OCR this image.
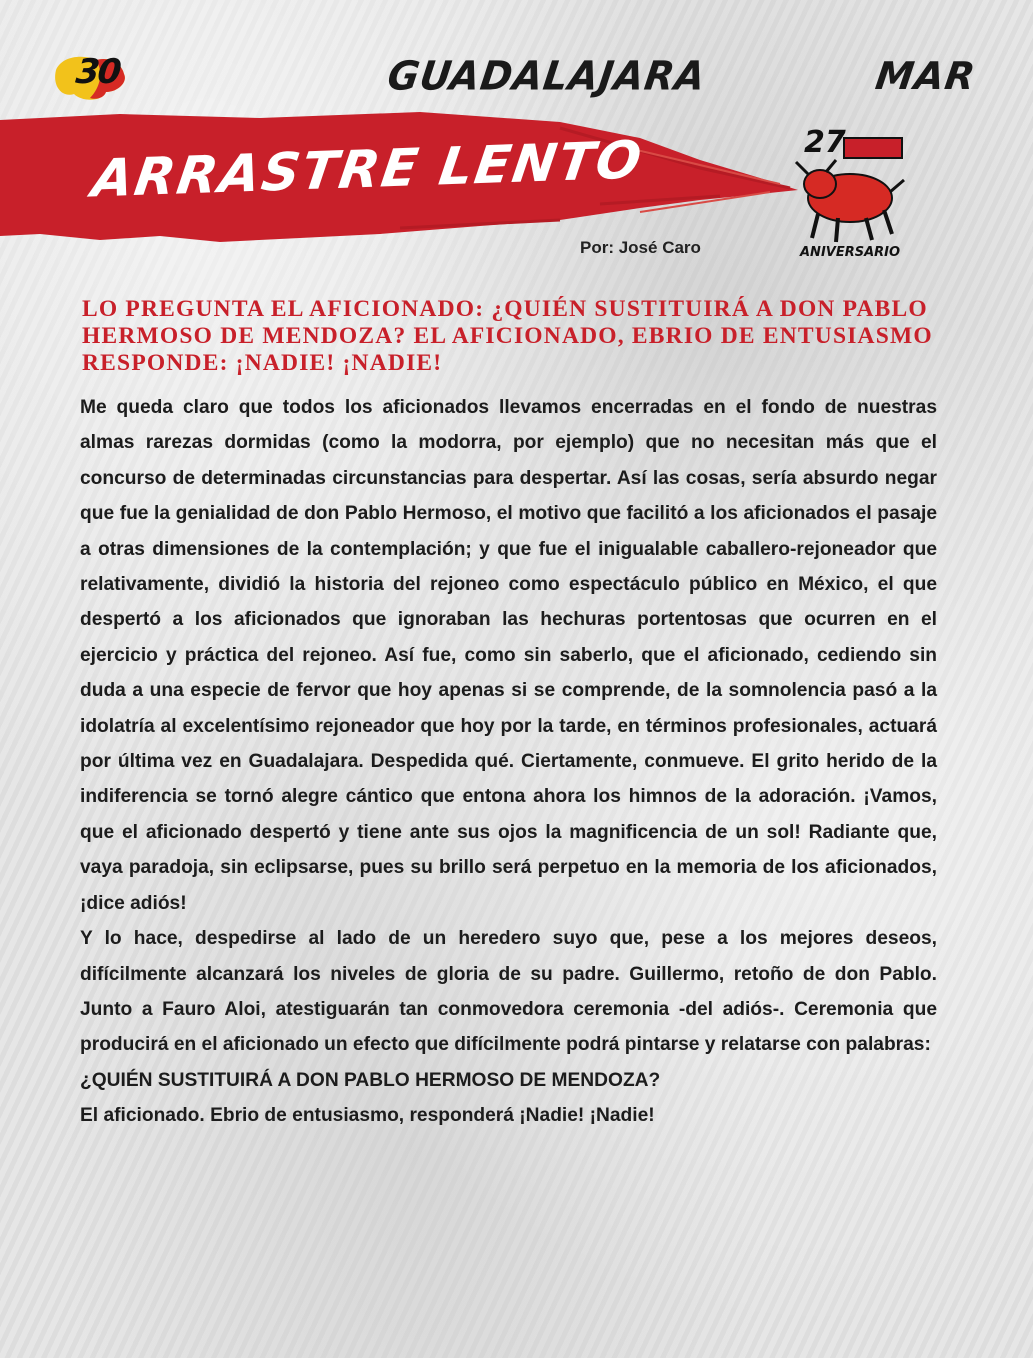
30	GUADALAJARA	MAR
ARRASTRE LENTO
Por: José Caro
27
ANIVERSARIO
LO PREGUNTA EL AFICIONADO: ¿QUIÉN SUSTITUIRÁ A DON PABLO HERMOSO DE MENDOZA? EL AFICIONADO, EBRIO DE ENTUSIASMO RESPONDE: ¡NADIE! ¡NADIE!

Me queda claro que todos los aficionados llevamos encerradas en el fondo de nuestras almas rarezas dormidas (como la modorra, por ejemplo) que no necesitan más que el concurso de determinadas circunstancias para despertar. Así las cosas, sería absurdo negar que fue la genialidad de don Pablo Hermoso, el motivo que facilitó a los aficionados el pasaje a otras dimensiones de la contemplación; y que fue el inigualable caballero-rejoneador que relativamente, dividió la historia del rejoneo como espectáculo público en México, el que despertó a los aficionados que ignoraban las hechuras portentosas que ocurren en el ejercicio y práctica del rejoneo. Así fue, como sin saberlo, que el aficionado, cediendo sin duda a una especie de fervor que hoy apenas si se comprende, de la somnolencia pasó a la idolatría al excelentísimo rejoneador que hoy por la tarde, en términos profesionales, actuará por última vez en Guadalajara. Despedida qué. Ciertamente, conmueve. El grito herido de la indiferencia se tornó alegre cántico que entona ahora los himnos de la adoración. ¡Vamos, que el aficionado despertó y tiene ante sus ojos la magnificencia de un sol! Radiante que, vaya paradoja, sin eclipsarse, pues su brillo será perpetuo en la memoria de los aficionados, ¡dice adiós!

Y lo hace, despedirse al lado de un heredero suyo que, pese a los mejores deseos, difícilmente alcanzará los niveles de gloria de su padre. Guillermo, retoño de don Pablo. Junto a Fauro Aloi, atestiguarán tan conmovedora ceremonia -del adiós-. Ceremonia que producirá en el aficionado un efecto que difícilmente podrá pintarse y relatarse con palabras:

¿QUIÉN SUSTITUIRÁ A DON PABLO HERMOSO DE MENDOZA?

El aficionado. Ebrio de entusiasmo, responderá ¡Nadie! ¡Nadie!
